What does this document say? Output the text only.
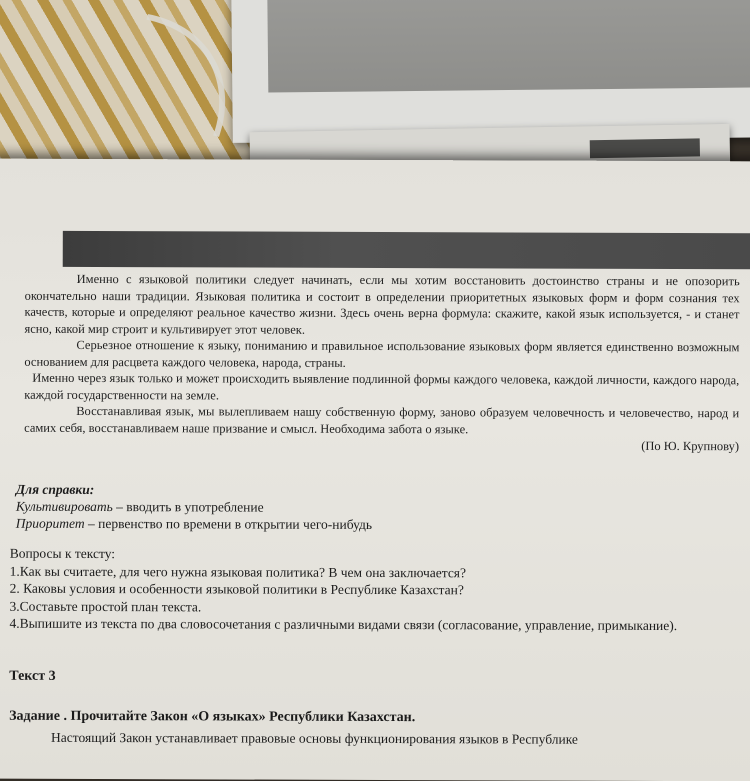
Именно с языковой политики следует начинать, если мы хотим восстановить достоинство страны и не опозорить окончательно наши традиции. Языковая политика и состоит в определении приоритетных языковых форм и форм сознания тех качеств, которые и определяют реальное качество жизни. Здесь очень верна формула: скажите, какой язык используется, - и станет ясно, какой мир строит и культивирует этот человек.

Серьезное отношение к языку, пониманию и правильное использование языковых форм является единственно возможным основанием для расцвета каждого человека, народа, страны.

Именно через язык только и может происходить выявление подлинной формы каждого человека, каждой личности, каждого народа, каждой государственности на земле.

Восстанавливая язык, мы вылепливаем нашу собственную форму, заново образуем человечность и человечество, народ и самих себя, восстанавливаем наше призвание и смысл. Необходима забота о языке.

(По Ю. Крупнову)

Для справки:
Культивировать – вводить в употребление
Приоритет – первенство по времени в открытии чего-нибудь

Вопросы к тексту:

1.Как вы считаете, для чего нужна языковая политика? В чем она заключается?

2. Каковы условия и особенности языковой политики в Республике Казахстан?

3.Составьте простой план текста.

4.Выпишите из текста по два словосочетания с различными видами связи (согласование, управление, примыкание).

Текст 3
Задание . Прочитайте Закон «О языках» Республики Казахстан.
Настоящий Закон устанавливает правовые основы функционирования языков в Республике
